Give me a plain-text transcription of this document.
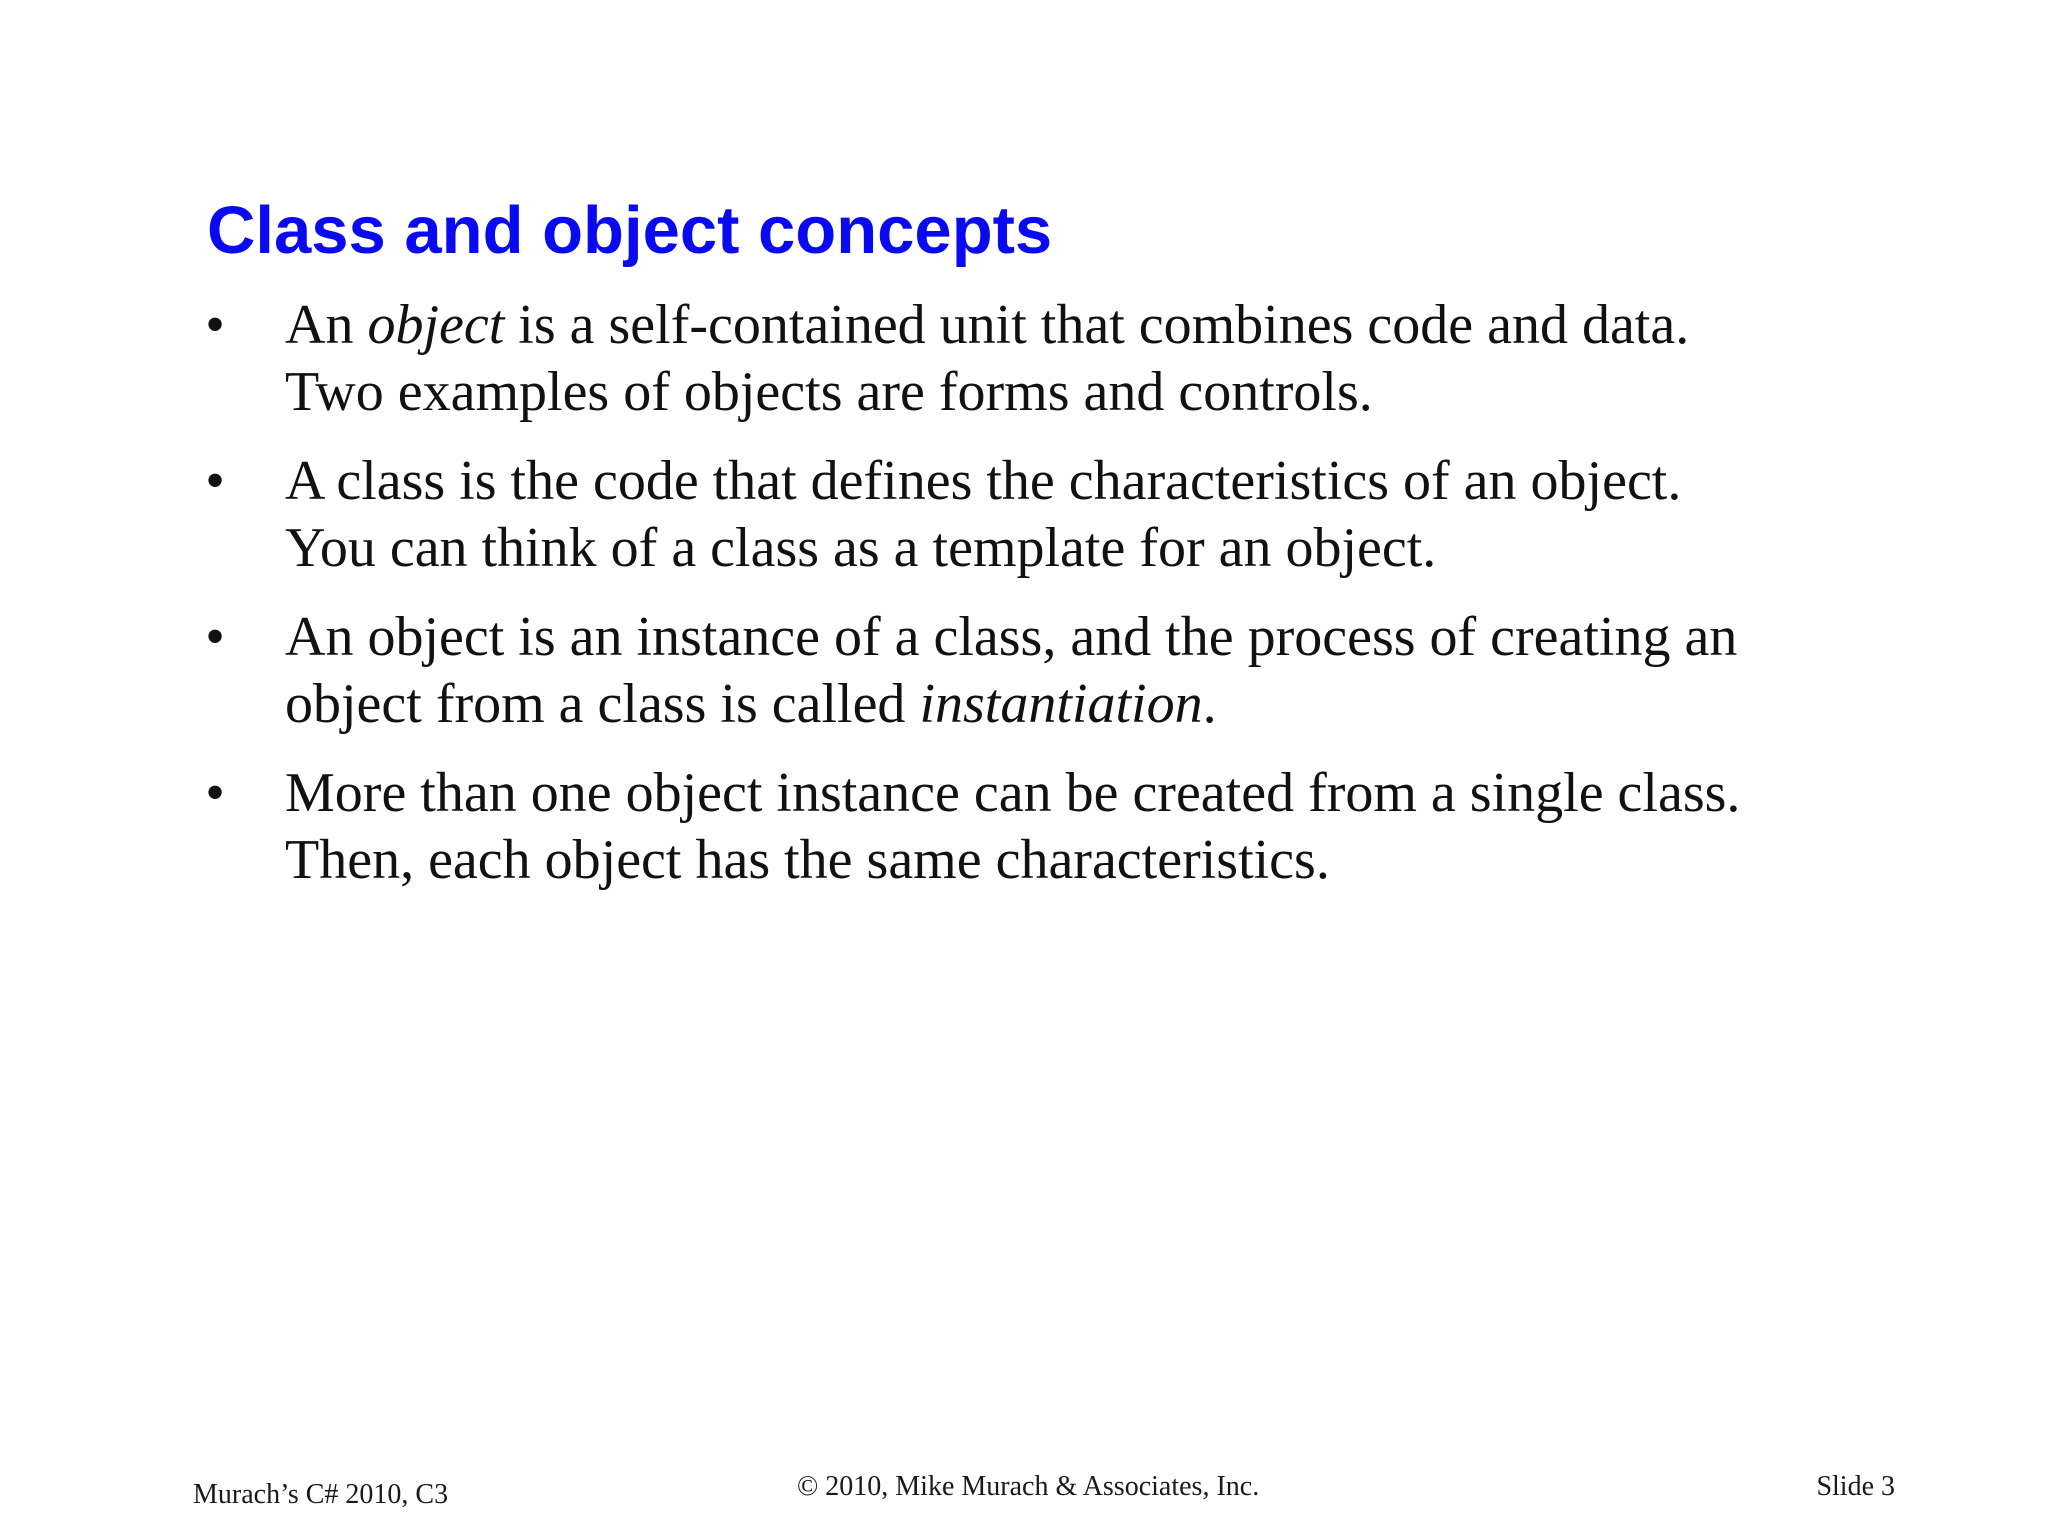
Class and object concepts
• An object is a self-contained unit that combines code and data.
Two examples of objects are forms and controls.
• A class is the code that defines the characteristics of an object.
You can think of a class as a template for an object.
• An object is an instance of a class, and the process of creating an
object from a class is called instantiation.
• More than one object instance can be created from a single class.
Then, each object has the same characteristics.
Murach’s C# 2010, C3	© 2010, Mike Murach & Associates, Inc.	Slide 3
